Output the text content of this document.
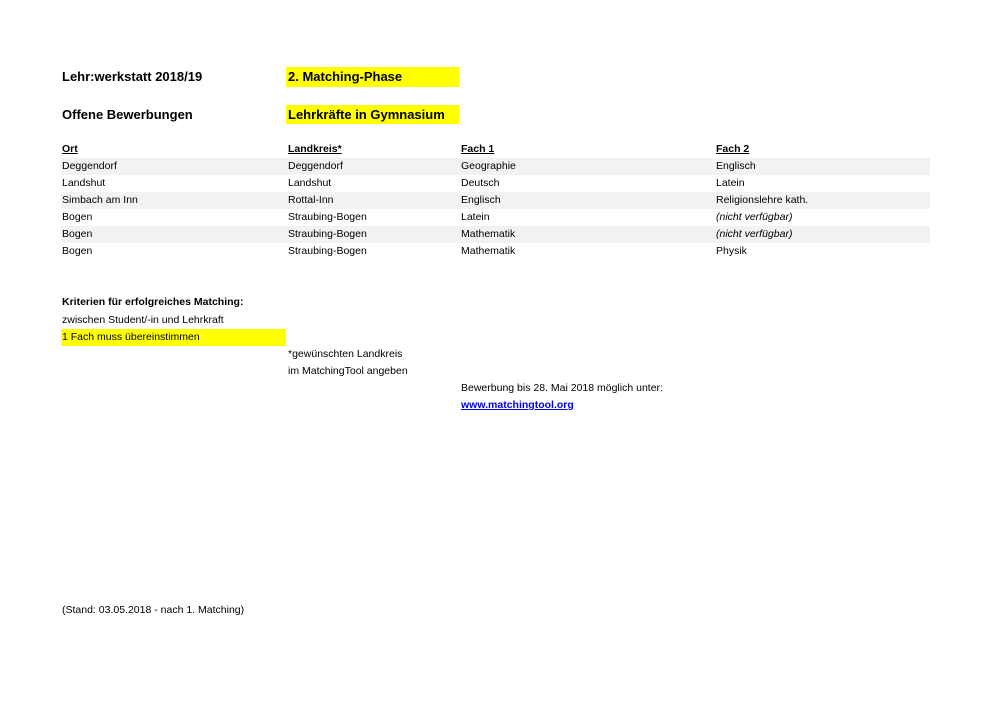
Lehr:werkstatt 2018/19	2. Matching-Phase
Offene Bewerbungen	Lehrkräfte in Gymnasium
Ort	Landkreis*	Fach 1	Fach 2
Deggendorf	Deggendorf	Geographie	Englisch
Landshut	Landshut	Deutsch	Latein
Simbach am Inn	Rottal-Inn	Englisch	Religionslehre kath.
Bogen	Straubing-Bogen	Latein	(nicht verfügbar)
Bogen	Straubing-Bogen	Mathematik	(nicht verfügbar)
Bogen	Straubing-Bogen	Mathematik	Physik
Kriterien für erfolgreiches Matching:
zwischen Student/-in und Lehrkraft
1 Fach muss übereinstimmen
*gewünschten Landkreis
im MatchingTool angeben
Bewerbung bis 28. Mai 2018 möglich unter:
www.matchingtool.org
(Stand: 03.05.2018 - nach 1. Matching)
